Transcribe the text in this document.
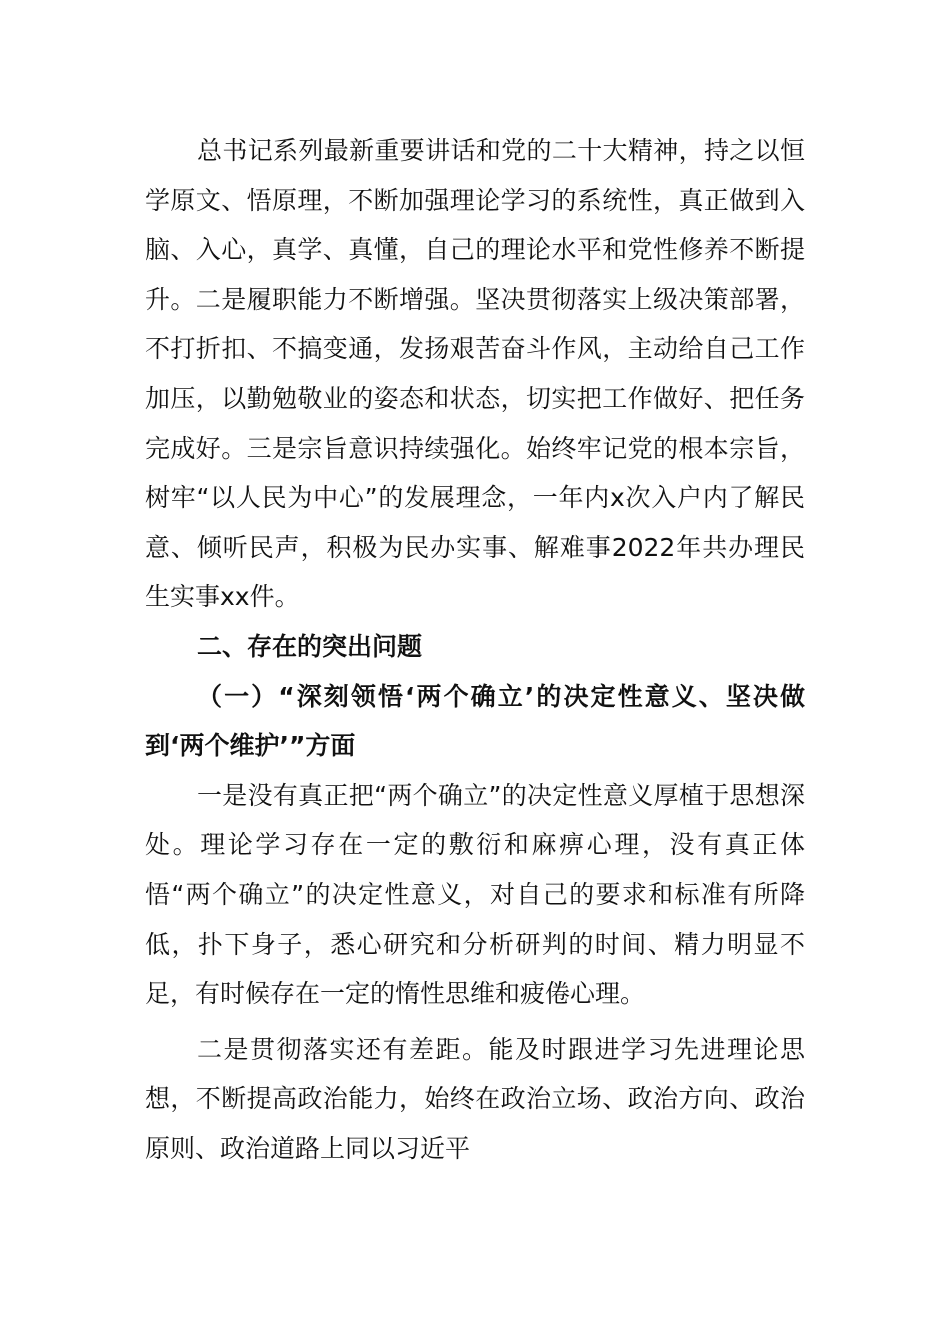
总书记系列最新重要讲话和党的二十大精神，持之以恒学原文、悟原理，不断加强理论学习的系统性，真正做到入脑、入心，真学、真懂，自己的理论水平和党性修养不断提升。二是履职能力不断增强。坚决贯彻落实上级决策部署，不打折扣、不搞变通，发扬艰苦奋斗作风，主动给自己工作加压，以勤勉敬业的姿态和状态，切实把工作做好、把任务完成好。三是宗旨意识持续强化。始终牢记党的根本宗旨，树牢“以人民为中心”的发展理念，一年内x次入户内了解民意、倾听民声，积极为民办实事、解难事2022年共办理民生实事xx件。

二、存在的突出问题

（一）“深刻领悟‘两个确立’的决定性意义、坚决做到‘两个维护’”方面

一是没有真正把“两个确立”的决定性意义厚植于思想深处。理论学习存在一定的敷衍和麻痹心理，没有真正体悟“两个确立”的决定性意义，对自己的要求和标准有所降低，扑下身子，悉心研究和分析研判的时间、精力明显不足，有时候存在一定的惰性思维和疲倦心理。

二是贯彻落实还有差距。能及时跟进学习先进理论思想，不断提高政治能力，始终在政治立场、政治方向、政治原则、政治道路上同以习近平
